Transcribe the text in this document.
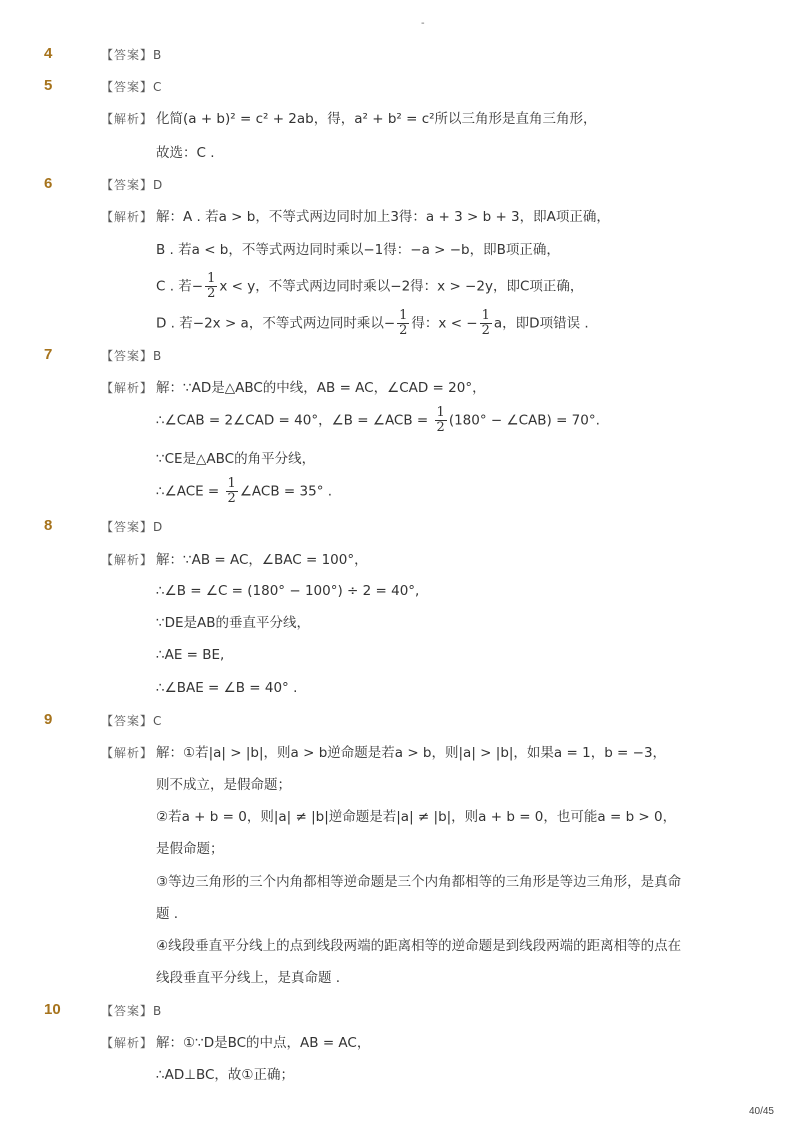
-
4	【答案】B
5	【答案】C
【解析】 化简(a + b)² = c² + 2ab，得，a² + b² = c²所以三角形是直角三角形，
故选：C .
6	【答案】D
【解析】 解：A . 若a > b，不等式两边同时加上3得：a + 3 > b + 3，即A项正确，
B . 若a < b，不等式两边同时乘以−1得：−a > −b，即B项正确，
C . 若− $\frac{1}{2}$ x < y，不等式两边同时乘以−2得：x > −2y，即C项正确，
D . 若−2x > a，不等式两边同时乘以− $\frac{1}{2}$ 得：x < − $\frac{1}{2}$ a，即D项错误 .
7	【答案】B
【解析】 解：∵AD是△ABC的中线，AB = AC，∠CAD = 20°，
∴∠CAB = 2∠CAD = 40°，∠B = ∠ACB = $\frac{1}{2} (180^\circ$ − ∠CAB) = 70°.
∵CE是△ABC的角平分线，
∴∠ACE = $\frac{1}{2}$ ∠ACB = 35° .
8	【答案】D
【解析】 解：∵AB = AC，∠BAC = 100°，
∴∠B = ∠C = (180° − 100°) ÷ 2 = 40°,
∵DE是AB的垂直平分线，
∴AE = BE,
∴∠BAE = ∠B = 40° .
9	【答案】C
【解析】 解：①若|a| > |b|，则a > b逆命题是若a > b，则|a| > |b|，如果a = 1，b = −3，
则不成立，是假命题；
②若a + b = 0，则|a| ≠ |b|逆命题是若|a| ≠ |b|，则a + b = 0，也可能a = b > 0，
是假命题；
③等边三角形的三个内角都相等逆命题是三个内角都相等的三角形是等边三角形，是真命
题 .
④线段垂直平分线上的点到线段两端的距离相等的逆命题是到线段两端的距离相等的点在
线段垂直平分线上，是真命题 .
10	【答案】B
【解析】 解：①∵D是BC的中点，AB = AC，
∴AD⊥BC，故①正确；
40/45
